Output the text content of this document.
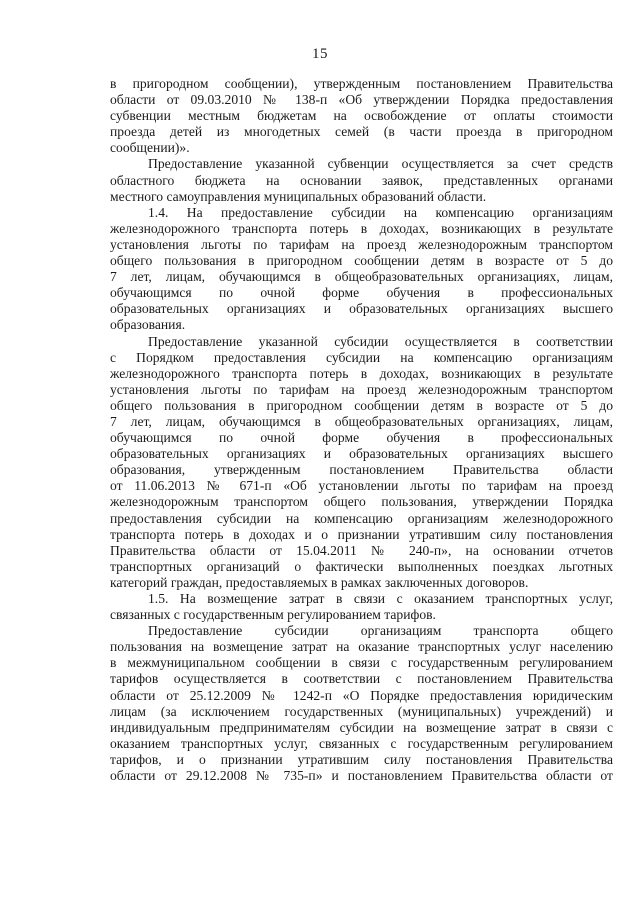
15
в пригородном сообщении), утвержденным постановлением Правительства
области от 09.03.2010 № 138-п «Об утверждении Порядка предоставления
субвенции местным бюджетам на освобождение от оплаты стоимости
проезда детей из многодетных семей (в части проезда в пригородном
сообщении)».
Предоставление указанной субвенции осуществляется за счет средств
областного бюджета на основании заявок, представленных органами
местного самоуправления муниципальных образований области.
1.4. На предоставление субсидии на компенсацию организациям
железнодорожного транспорта потерь в доходах, возникающих в результате
установления льготы по тарифам на проезд железнодорожным транспортом
общего пользования в пригородном сообщении детям в возрасте от 5 до
7 лет, лицам, обучающимся в общеобразовательных организациях, лицам,
обучающимся по очной форме обучения в профессиональных
образовательных организациях и образовательных организациях высшего
образования.
Предоставление указанной субсидии осуществляется в соответствии
с Порядком предоставления субсидии на компенсацию организациям
железнодорожного транспорта потерь в доходах, возникающих в результате
установления льготы по тарифам на проезд железнодорожным транспортом
общего пользования в пригородном сообщении детям в возрасте от 5 до
7 лет, лицам, обучающимся в общеобразовательных организациях, лицам,
обучающимся по очной форме обучения в профессиональных
образовательных организациях и образовательных организациях высшего
образования, утвержденным постановлением Правительства области
от 11.06.2013 № 671-п «Об установлении льготы по тарифам на проезд
железнодорожным транспортом общего пользования, утверждении Порядка
предоставления субсидии на компенсацию организациям железнодорожного
транспорта потерь в доходах и о признании утратившим силу постановления
Правительства области от 15.04.2011 № 240-п», на основании отчетов
транспортных организаций о фактически выполненных поездках льготных
категорий граждан, предоставляемых в рамках заключенных договоров.
1.5. На возмещение затрат в связи с оказанием транспортных услуг,
связанных с государственным регулированием тарифов.
Предоставление субсидии организациям транспорта общего
пользования на возмещение затрат на оказание транспортных услуг населению
в межмуниципальном сообщении в связи с государственным регулированием
тарифов осуществляется в соответствии с постановлением Правительства
области от 25.12.2009 № 1242-п «О Порядке предоставления юридическим
лицам (за исключением государственных (муниципальных) учреждений) и
индивидуальным предпринимателям субсидии на возмещение затрат в связи с
оказанием транспортных услуг, связанных с государственным регулированием
тарифов, и о признании утратившим силу постановления Правительства
области от 29.12.2008 № 735-п» и постановлением Правительства области от
